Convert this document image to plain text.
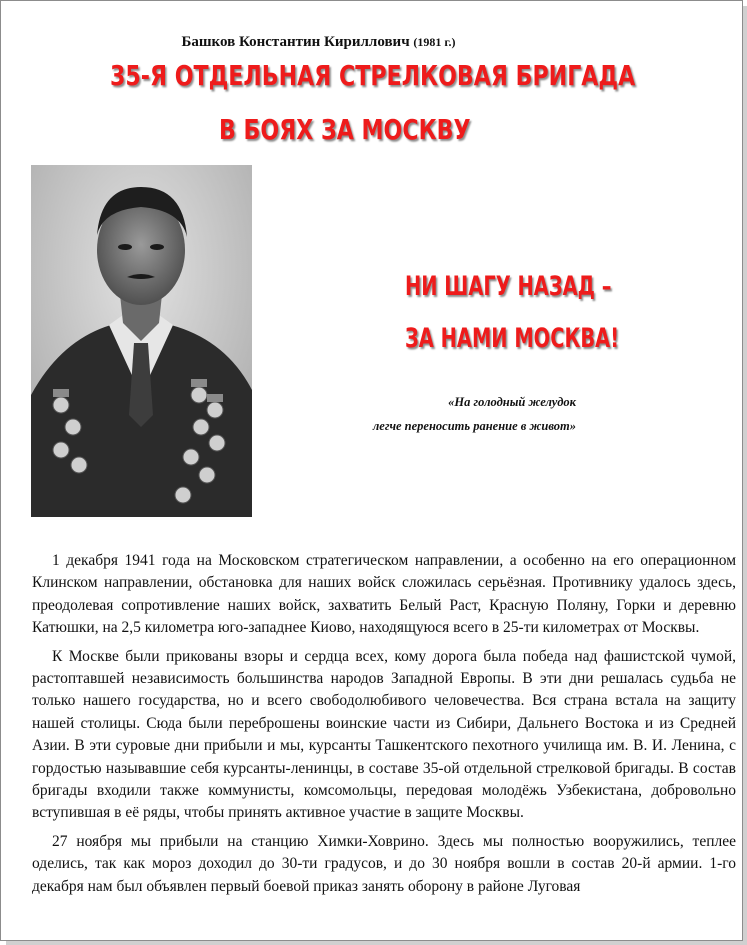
Башков Константин Кириллович (1981 г.)
35-Я ОТДЕЛЬНАЯ СТРЕЛКОВАЯ БРИГАДА
В БОЯХ ЗА МОСКВУ
НИ ШАГУ НАЗАД –
ЗА НАМИ МОСКВА!
«На голодный желудок
легче переносить ранение в живот»

1 декабря 1941 года на Московском стратегическом направлении, а особенно на его операционном Клинском направлении, обстановка для наших войск сложилась серьёзная. Противнику удалось здесь, преодолевая сопротивление наших войск, захватить Белый Раст, Красную Поляну, Горки и деревню Катюшки, на 2,5 километра юго-западнее Киово, находящуюся всего в 25-ти километрах от Москвы.

К Москве были прикованы взоры и сердца всех, кому дорога была победа над фашистской чумой, растоптавшей независимость большинства народов Западной Европы. В эти дни решалась судьба не только нашего государства, но и всего свободолюбивого человечества. Вся страна встала на защиту нашей столицы. Сюда были переброшены воинские части из Сибири, Дальнего Востока и из Средней Азии. В эти суровые дни прибыли и мы, курсанты Ташкентского пехотного училища им. В. И. Ленина, с гордостью называвшие себя курсанты-ленинцы, в составе 35-ой отдельной стрелковой бригады. В состав бригады входили также коммунисты, комсомольцы, передовая молодёжь Узбекистана, добровольно вступившая в её ряды, чтобы принять активное участие в защите Москвы.

27 ноября мы прибыли на станцию Химки-Ховрино. Здесь мы полностью вооружились, теплее оделись, так как мороз доходил до 30-ти градусов, и до 30 ноября вошли в состав 20-й армии. 1-го декабря нам был объявлен первый боевой приказ занять оборону в районе Луговая
